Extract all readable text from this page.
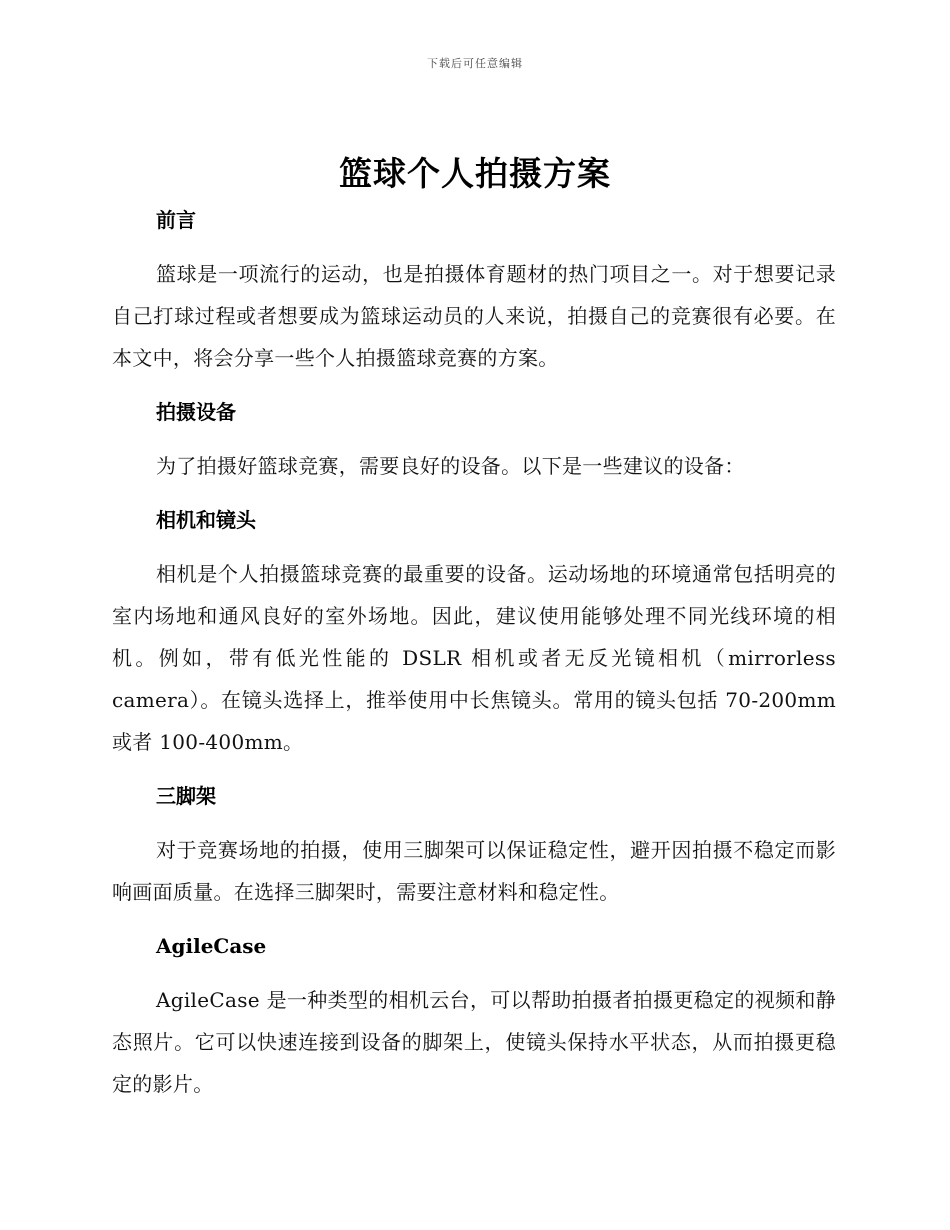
下载后可任意编辑
篮球个人拍摄方案
前言

篮球是一项流行的运动，也是拍摄体育题材的热门项目之一。对于想要记录自己打球过程或者想要成为篮球运动员的人来说，拍摄自己的竞赛很有必要。在本文中，将会分享一些个人拍摄篮球竞赛的方案。

拍摄设备

为了拍摄好篮球竞赛，需要良好的设备。以下是一些建议的设备：

相机和镜头

相机是个人拍摄篮球竞赛的最重要的设备。运动场地的环境通常包括明亮的室内场地和通风良好的室外场地。因此，建议使用能够处理不同光线环境的相机。例如，带有低光性能的 DSLR 相机或者无反光镜相机（mirrorless camera）。在镜头选择上，推举使用中长焦镜头。常用的镜头包括 70-200mm 或者 100-400mm。

三脚架

对于竞赛场地的拍摄，使用三脚架可以保证稳定性，避开因拍摄不稳定而影响画面质量。在选择三脚架时，需要注意材料和稳定性。

AgileCase

AgileCase 是一种类型的相机云台，可以帮助拍摄者拍摄更稳定的视频和静态照片。它可以快速连接到设备的脚架上，使镜头保持水平状态，从而拍摄更稳定的影片。
